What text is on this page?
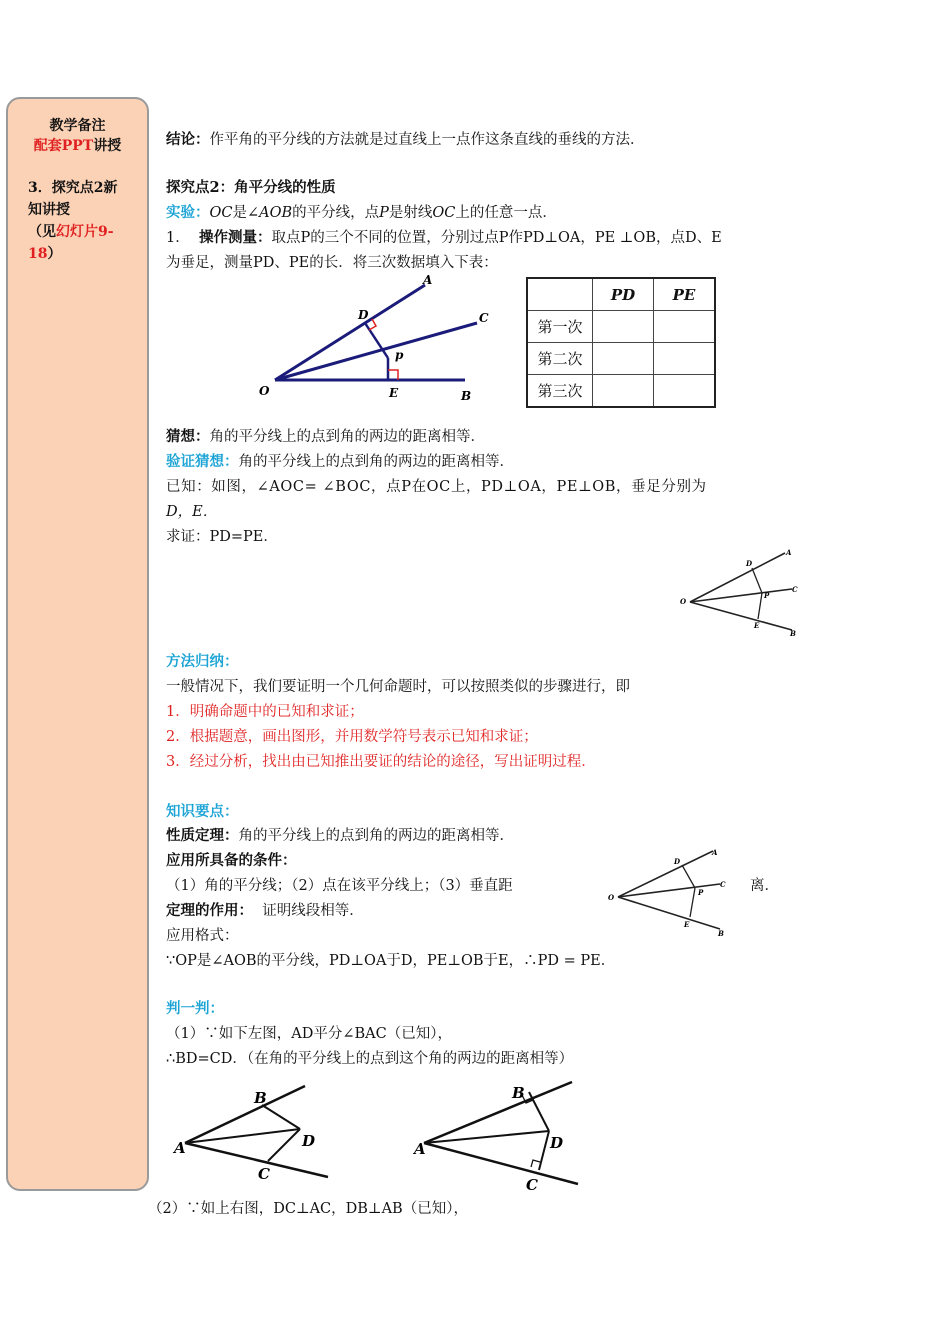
教学备注
配套PPT讲授
3．探究点2新
知讲授
（见幻灯片9-
18）
结论：作平角的平分线的方法就是过直线上一点作这条直线的垂线的方法．
探究点2：角平分线的性质
实验：OC是∠AOB的平分线，点P是射线OC上的任意一点．
1． 操作测量：取点P的三个不同的位置，分别过点P作PD⊥OA，PE ⊥OB，点D、E
为垂足，测量PD、PE的长．将三次数据填入下表：
A
C
D
p
O	E	B
	PD	PE
第一次		
第二次		
第三次		
猜想：角的平分线上的点到角的两边的距离相等．
验证猜想：角的平分线上的点到角的两边的距离相等．
已知：如图，∠AOC= ∠BOC，点P在OC上，PD⊥OA，PE⊥OB，垂足分别为
D，E．
求证：PD=PE．
A
D
C
P
O
E
B
方法归纳：
一般情况下，我们要证明一个几何命题时，可以按照类似的步骤进行，即
1．明确命题中的已知和求证；
2．根据题意，画出图形，并用数学符号表示已知和求证；
3．经过分析，找出由已知推出要证的结论的途径，写出证明过程．
知识要点：
性质定理：角的平分线上的点到角的两边的距离相等．
应用所具备的条件：
（1）角的平分线；（2）点在该平分线上；（3）垂直距	离．
定理的作用： 证明线段相等．
应用格式：
∵OP是∠AOB的平分线，PD⊥OA于D，PE⊥OB于E，∴PD = PE．
A
D
C
P
O
E
B
判一判：
（1）∵如下左图，AD平分∠BAC（已知），
∴BD=CD．（在角的平分线上的点到这个角的两边的距离相等）
B
A	D
C
B
A	D
C
（2）∵如上右图，DC⊥AC，DB⊥AB（已知），
